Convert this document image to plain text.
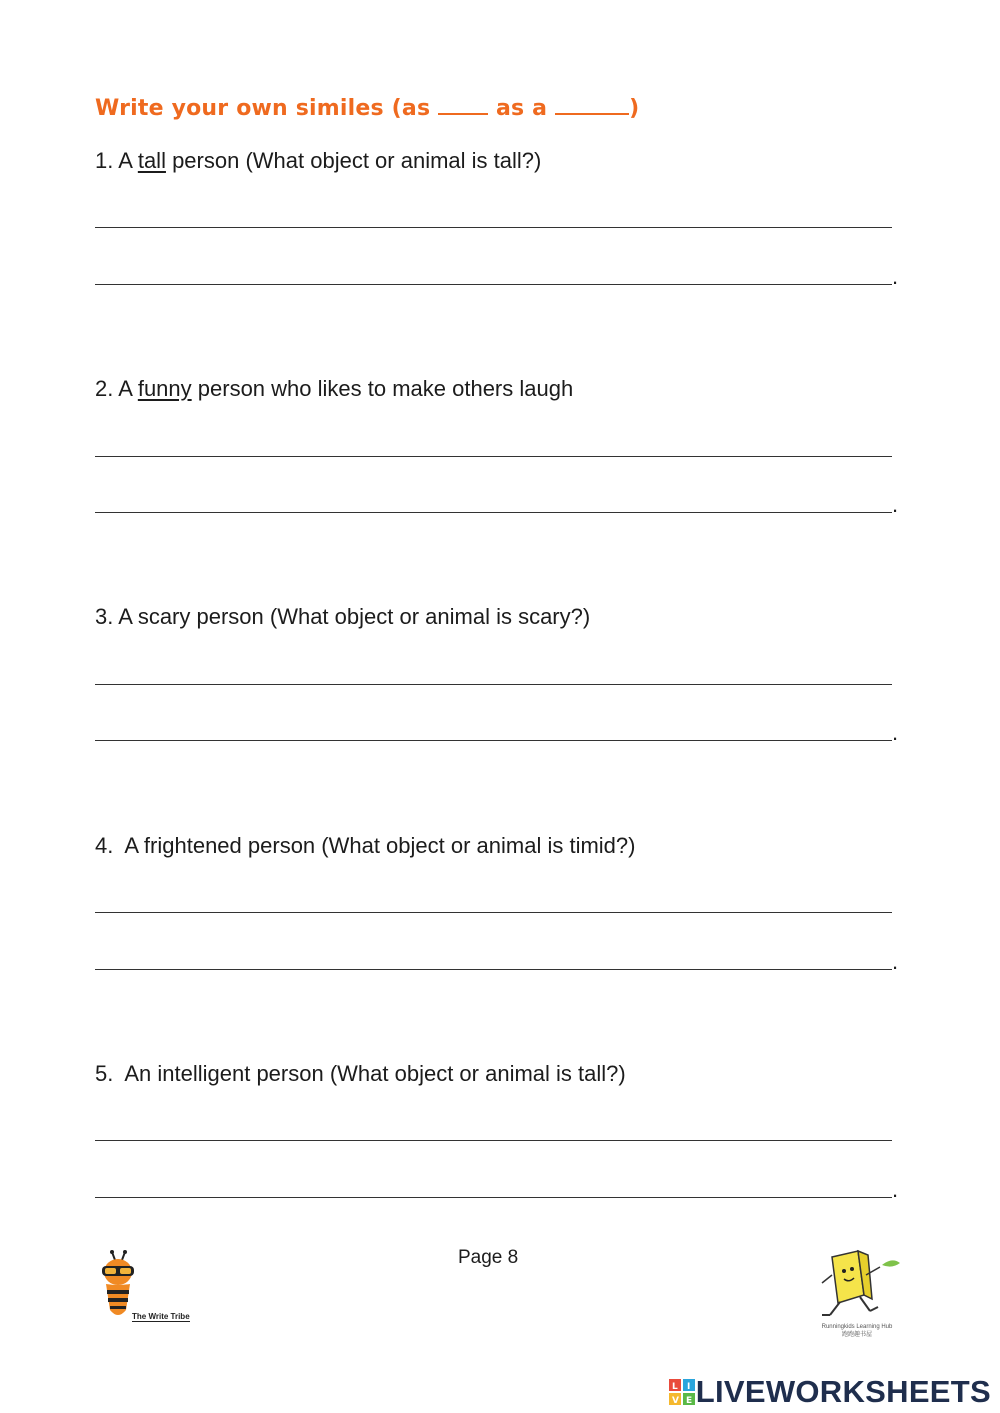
Write your own similes (as  as a	)
1. A tall person (What object or animal is tall?)
.
2. A funny person who likes to make others laugh
.
3. A scary person (What object or animal is scary?)
.
4.  A frightened person (What object or animal is timid?)
.
5.  An intelligent person (What object or animal is tall?)
.
Page 8
The Write Tribe
Runningkids Learning Hub
跑跑趣书屋
L I
V E LIVEWORKSHEETS
